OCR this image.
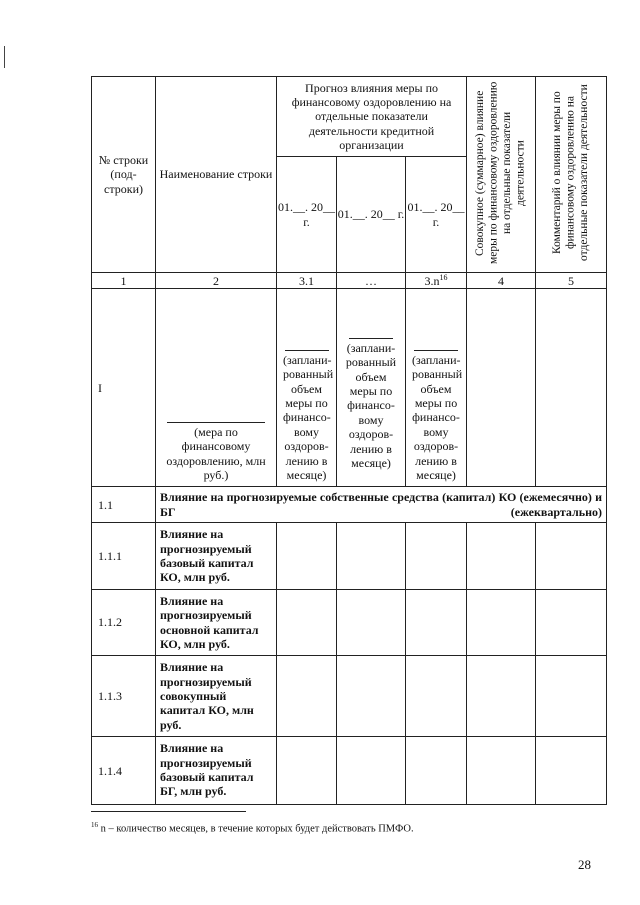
№ строки (под-строки)	Наименование строки	Прогноз влияния меры по финансовому оздоровлению на отдельные показатели деятельности кредитной организации			Совокупное (суммарное) влияние меры по финансовому оздоровлению на отдельные показатели деятельности	Комментарий о влиянии меры по финансовому оздоровлению на отдельные показатели деятельности
		01.__. 20__ г.	01.__. 20__ г.	01.__. 20__ г.		
1	2	3.1	…	$3.n^{16}$	4	5
I	(мера по финансовому оздоровлению, млн руб.)	(заплани-рованный объем меры по финансо-вому оздоров-лению в месяце)	(заплани-рованный объем меры по финансо-вому оздоров-лению в месяце)	(заплани-рованный объем меры по финансо-вому оздоров-лению в месяце)		

1.1	Влияние на прогнозируемые собственные средства (капитал) КО (ежемесячно) и БГ (ежеквартально)					
1.1.1	Влияние на прогнозируемый базовый капитал КО, млн руб.					
1.1.2	Влияние на прогнозируемый основной капитал КО, млн руб.					
1.1.3	Влияние на прогнозируемый совокупный капитал КО, млн руб.					
1.1.4	Влияние на прогнозируемый базовый капитал БГ, млн руб.					
$^{16}$ n – количество месяцев, в течение которых будет действовать ПМФО.
28
